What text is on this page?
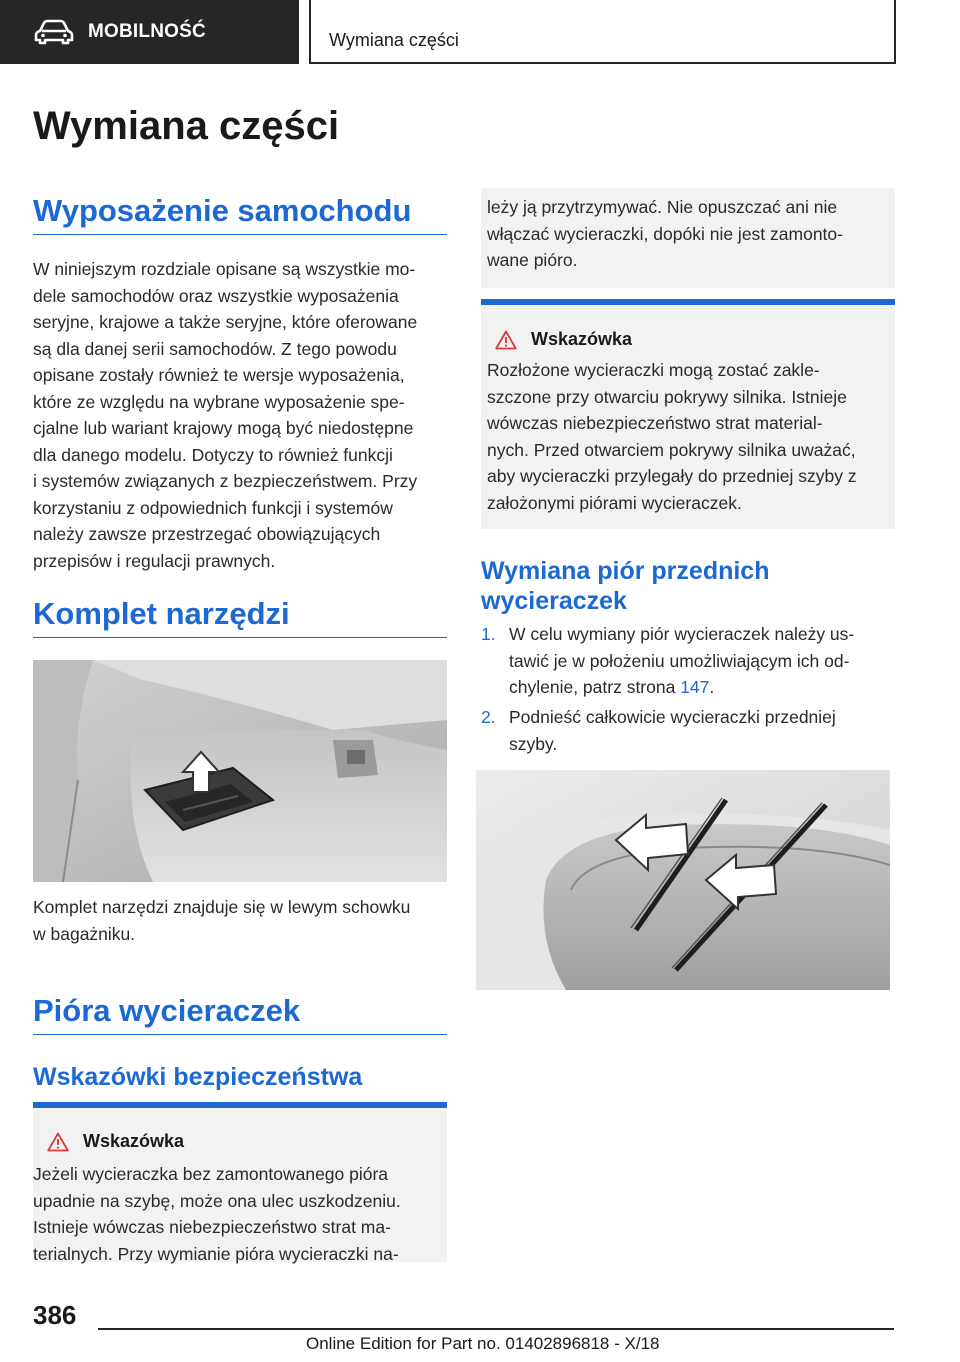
MOBILNOŚĆ	Wymiana części
Wymiana części
Wyposażenie samochodu
W niniejszym rozdziale opisane są wszystkie mo‐
dele samochodów oraz wszystkie wyposażenia
seryjne, krajowe a także seryjne, które oferowane
są dla danej serii samochodów. Z tego powodu
opisane zostały również te wersje wyposażenia,
które ze względu na wybrane wyposażenie spe‐
cjalne lub wariant krajowy mogą być niedostępne
dla danego modelu. Dotyczy to również funkcji
i systemów związanych z bezpieczeństwem. Przy
korzystaniu z odpowiednich funkcji i systemów
należy zawsze przestrzegać obowiązujących
przepisów i regulacji prawnych.
Komplet narzędzi
Komplet narzędzi znajduje się w lewym schowku
w bagażniku.
Pióra wycieraczek
Wskazówki bezpieczeństwa
Wskazówka
Jeżeli wycieraczka bez zamontowanego pióra
upadnie na szybę, może ona ulec uszkodzeniu.
Istnieje wówczas niebezpieczeństwo strat ma‐
terialnych. Przy wymianie pióra wycieraczki na‐
leży ją przytrzymywać. Nie opuszczać ani nie
włączać wycieraczki, dopóki nie jest zamonto‐
wane pióro.
Wskazówka
Rozłożone wycieraczki mogą zostać zakle‐
szczone przy otwarciu pokrywy silnika. Istnieje
wówczas niebezpieczeństwo strat material‐
nych. Przed otwarciem pokrywy silnika uważać,
aby wycieraczki przylegały do przedniej szyby z
założonymi piórami wycieraczek.
Wymiana piór przednich
wycieraczek
1. W celu wymiany piór wycieraczek należy us‐
tawić je w położeniu umożliwiającym ich od‐
chylenie, patrz strona 147.
2. Podnieść całkowicie wycieraczki przedniej
szyby.
386
Online Edition for Part no. 01402896818 - X/18
